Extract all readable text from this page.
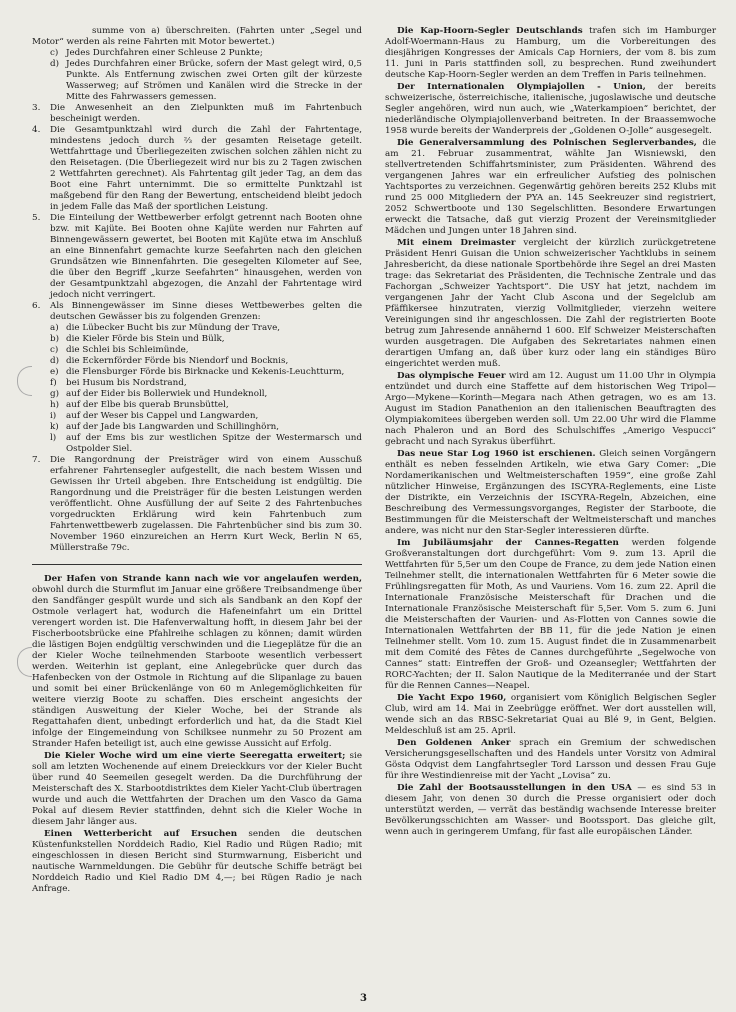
summe von a) überschreiten. (Fahrten unter „Segel und Motor“ werden als reine Fahrten mit Motor bewertet.)

c) Jedes Durchfahren einer Schleuse 2 Punkte;
d) Jedes Durchfahren einer Brücke, sofern der Mast gelegt wird, 0,5 Punkte. Als Entfernung zwischen zwei Orten gilt der kürzeste Wasserweg; auf Strömen und Kanälen wird die Strecke in der Mitte des Fahrwassers gemessen.
3.	Die Anwesenheit an den Zielpunkten muß im Fahrtenbuch bescheinigt werden.
4.	Die Gesamtpunktzahl wird durch die Zahl der Fahrtentage, mindestens jedoch durch ⅔ der gesamten Reisetage geteilt. Wettfahrttage und Überliegezeiten zwischen solchen zählen nicht zu den Reisetagen. (Die Überliegezeit wird nur bis zu 2 Tagen zwischen 2 Wettfahrten gerechnet). Als Fahrtentag gilt jeder Tag, an dem das Boot eine Fahrt unternimmt. Die so ermittelte Punktzahl ist maßgebend für den Rang der Bewertung, entscheidend bleibt jedoch in jedem Falle das Maß der sportlichen Leistung.
5.	Die Einteilung der Wettbewerber erfolgt getrennt nach Booten ohne bzw. mit Kajüte. Bei Booten ohne Kajüte werden nur Fahrten auf Binnengewässern gewertet, bei Booten mit Kajüte etwa im Anschluß an eine Binnenfahrt gemachte kurze Seefahrten nach den gleichen Grundsätzen wie Binnenfahrten. Die gesegelten Kilometer auf See, die über den Begriff „kurze Seefahrten“ hinausgehen, werden von der Gesamtpunktzahl abgezogen, die Anzahl der Fahrtentage wird jedoch nicht verringert.
6.	Als Binnengewässer im Sinne dieses Wettbewerbes gelten die deutschen Gewässer bis zu folgenden Grenzen:
a) die Lübecker Bucht bis zur Mündung der Trave,
b) die Kieler Förde bis Stein und Bülk,
c) die Schlei bis Schleimünde,
d) die Eckernförder Förde bis Niendorf und Bocknis,
e) die Flensburger Förde bis Birknacke und Kekenis-Leuchtturm,
f) bei Husum bis Nordstrand,
g) auf der Eider bis Bollerwiek und Hundeknoll,
h) auf der Elbe bis querab Brunsbüttel,
i) auf der Weser bis Cappel und Langwarden,
k) auf der Jade bis Langwarden und Schillinghörn,
l) auf der Ems bis zur westlichen Spitze der Westermarsch und Ostpolder Siel.
7.	Die Rangordnung der Preisträger wird von einem Ausschuß erfahrener Fahrtensegler aufgestellt, die nach bestem Wissen und Gewissen ihr Urteil abgeben. Ihre Entscheidung ist endgültig. Die Rangordnung und die Preisträger für die besten Leistungen werden veröffentlicht. Ohne Ausfüllung der auf Seite 2 des Fahrtenbuches vorgedruckten Erklärung wird kein Fahrtenbuch zum Fahrtenwettbewerb zugelassen. Die Fahrtenbücher sind bis zum 30. November 1960 einzureichen an Herrn Kurt Weck, Berlin N 65, Müllerstraße 79c.

Der Hafen von Strande kann nach wie vor angelaufen werden, obwohl durch die Sturmflut im Januar eine größere Treibsandmenge über den Sandfänger gespült wurde und sich als Sandbank an den Kopf der Ostmole verlagert hat, wodurch die Hafeneinfahrt um ein Drittel verengert worden ist. Die Hafenverwaltung hofft, in diesem Jahr bei der Fischerbootsbrücke eine Pfahlreihe schlagen zu können; damit würden die lästigen Bojen endgültig verschwinden und die Liegeplätze für die an der Kieler Woche teilnehmenden Starboote wesentlich verbessert werden. Weiterhin ist geplant, eine Anlegebrücke quer durch das Hafenbecken von der Ostmole in Richtung auf die Slipanlage zu bauen und somit bei einer Brückenlänge von 60 m Anlegemöglichkeiten für weitere vierzig Boote zu schaffen. Dies erscheint angesichts der ständigen Ausweitung der Kieler Woche, bei der Strande als Regattahafen dient, unbedingt erforderlich und hat, da die Stadt Kiel infolge der Eingemeindung von Schilksee nunmehr zu 50 Prozent am Strander Hafen beteiligt ist, auch eine gewisse Aussicht auf Erfolg.

Die Kieler Woche wird um eine vierte Seeregatta erweitert; sie soll am letzten Wochenende auf einem Dreieckkurs vor der Kieler Bucht über rund 40 Seemeilen gesegelt werden. Da die Durchführung der Meisterschaft des X. Starbootdistriktes dem Kieler Yacht-Club übertragen wurde und auch die Wettfahrten der Drachen um den Vasco da Gama Pokal auf diesem Revier stattfinden, dehnt sich die Kieler Woche in diesem Jahr länger aus.

Einen Wetterbericht auf Ersuchen senden die deutschen Küstenfunkstellen Norddeich Radio, Kiel Radio und Rügen Radio; mit eingeschlossen in diesen Bericht sind Sturmwarnung, Eisbericht und nautische Warnmeldungen. Die Gebühr für deutsche Schiffe beträgt bei Norddeich Radio und Kiel Radio DM 4,—; bei Rügen Radio je nach Anfrage.

Die Kap-Hoorn-Segler Deutschlands trafen sich im Hamburger Adolf-Woermann-Haus zu Hamburg, um die Vorbereitungen des diesjährigen Kongresses der Amicals Cap Horniers, der vom 8. bis zum 11. Juni in Paris stattfinden soll, zu besprechen. Rund zweihundert deutsche Kap-Hoorn-Segler werden an dem Treffen in Paris teilnehmen.

Der Internationalen Olympiajollen - Union, der bereits schweizerische, österreichische, italienische, jugoslawische und deutsche Segler angehören, wird nun auch, wie „Waterkampioen“ berichtet, der niederländische Olympiajollenverband beitreten. In der Braassemwoche 1958 wurde bereits der Wanderpreis der „Goldenen O-Jolle“ ausgesegelt.

Die Generalversammlung des Polnischen Seglerverbandes, die am 21. Februar zusammentrat, wählte Jan Wisniewski, den stellvertretenden Schiffahrtsminister, zum Präsidenten. Während des vergangenen Jahres war ein erfreulicher Aufstieg des polnischen Yachtsportes zu verzeichnen. Gegenwärtig gehören bereits 252 Klubs mit rund 25 000 Mitgliedern der PYA an. 145 Seekreuzer sind registriert, 2052 Schwertboote und 130 Segelschlitten. Besondere Erwartungen erweckt die Tatsache, daß gut vierzig Prozent der Vereinsmitglieder Mädchen und Jungen unter 18 Jahren sind.

Mit einem Dreimaster vergleicht der kürzlich zurückgetretene Präsident Henri Guisan die Union schweizerischer Yachtklubs in seinem Jahresbericht, da diese nationale Sportbehörde ihre Segel an drei Masten trage: das Sekretariat des Präsidenten, die Technische Zentrale und das Fachorgan „Schweizer Yachtsport“. Die USY hat jetzt, nachdem im vergangenen Jahr der Yacht Club Ascona und der Segelclub am Pfäffikersee hinzutraten, vierzig Vollmitglieder, vierzehn weitere Vereinigungen sind ihr angeschlossen. Die Zahl der registrierten Boote betrug zum Jahresende annähernd 1 600. Elf Schweizer Meisterschaften wurden ausgetragen. Die Aufgaben des Sekretariates nahmen einen derartigen Umfang an, daß über kurz oder lang ein ständiges Büro eingerichtet werden muß.

Das olympische Feuer wird am 12. August um 11.00 Uhr in Olympia entzündet und durch eine Staffette auf dem historischen Weg Tripol—Argo—Mykene—Korinth—Megara nach Athen getragen, wo es am 13. August im Stadion Panathenion an den italienischen Beauftragten des Olympiakomitees übergeben werden soll. Um 22.00 Uhr wird die Flamme nach Phaleron und an Bord des Schulschiffes „Amerigo Vespucci“ gebracht und nach Syrakus überführt.

Das neue Star Log 1960 ist erschienen. Gleich seinen Vorgängern enthält es neben fesselnden Artikeln, wie etwa Gary Comer: „Die Nordamerikanischen und Weltmeisterschaften 1959“, eine große Zahl nützlicher Hinweise, Ergänzungen des ISCYRA-Reglements, eine Liste der Distrikte, ein Verzeichnis der ISCYRA-Regeln, Abzeichen, eine Beschreibung des Vermessungsvorganges, Register der Starboote, die Bestimmungen für die Meisterschaft der Weltmeisterschaft und manches andere, was nicht nur den Star-Segler interessieren dürfte.

Im Jubiläumsjahr der Cannes-Regatten werden folgende Großveranstaltungen dort durchgeführt: Vom 9. zum 13. April die Wettfahrten für 5,5er um den Coupe de France, zu dem jede Nation einen Teilnehmer stellt, die internationalen Wettfahrten für 6 Meter sowie die Frühlingsregatten für Moth, As und Vauriens. Vom 16. zum 22. April die Internationale Französische Meisterschaft für Drachen und die Internationale Französische Meisterschaft für 5,5er. Vom 5. zum 6. Juni die Meisterschaften der Vaurien- und As-Flotten von Cannes sowie die Internationalen Wettfahrten der BB 11, für die jede Nation je einen Teilnehmer stellt. Vom 10. zum 15. August findet die in Zusammenarbeit mit dem Comité des Fêtes de Cannes durchgeführte „Segelwoche von Cannes“ statt: Eintreffen der Groß- und Ozeansegler; Wettfahrten der RORC-Yachten; der II. Salon Nautique de la Mediterranée und der Start für die Rennen Cannes—Neapel.

Die Yacht Expo 1960, organisiert vom Königlich Belgischen Segler Club, wird am 14. Mai in Zeebrügge eröffnet. Wer dort ausstellen will, wende sich an das RBSC-Sekretariat Quai au Blé 9, in Gent, Belgien. Meldeschluß ist am 25. April.

Den Goldenen Anker sprach ein Gremium der schwedischen Versicherungsgesellschaften und des Handels unter Vorsitz von Admiral Gösta Odqvist dem Langfahrtsegler Tord Larsson und dessen Frau Guje für ihre Westindienreise mit der Yacht „Lovisa“ zu.

Die Zahl der Bootsausstellungen in den USA — es sind 53 in diesem Jahr, von denen 30 durch die Presse organisiert oder doch unterstützt werden, — verrät das beständig wachsende Interesse breiter Bevölkerungsschichten am Wasser- und Bootssport. Das gleiche gilt, wenn auch in geringerem Umfang, für fast alle europäischen Länder.

3
